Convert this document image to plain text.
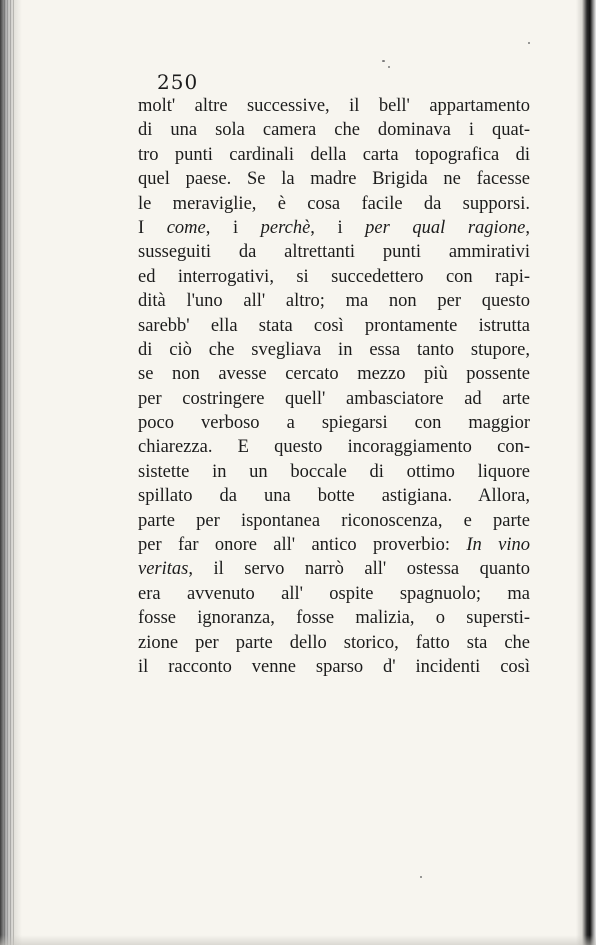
250
molt' altre successive, il bell' appartamento
di una sola camera che dominava i quat-
tro punti cardinali della carta topografica di
quel paese. Se la madre Brigida ne facesse
le meraviglie, è cosa facile da supporsi.
I come, i perchè, i per qual ragione,
susseguiti da altrettanti punti ammirativi
ed interrogativi, si succedettero con rapi-
dità l'uno all' altro; ma non per questo
sarebb' ella stata così prontamente istrutta
di ciò che svegliava in essa tanto stupore,
se non avesse cercato mezzo più possente
per costringere quell' ambasciatore ad arte
poco verboso a spiegarsi con maggior
chiarezza. E questo incoraggiamento con-
sistette in un boccale di ottimo liquore
spillato da una botte astigiana. Allora,
parte per ispontanea riconoscenza, e parte
per far onore all' antico proverbio: In vino
veritas, il servo narrò all' ostessa quanto
era avvenuto all' ospite spagnuolo; ma
fosse ignoranza, fosse malizia, o supersti-
zione per parte dello storico, fatto sta che
il racconto venne sparso d' incidenti così
